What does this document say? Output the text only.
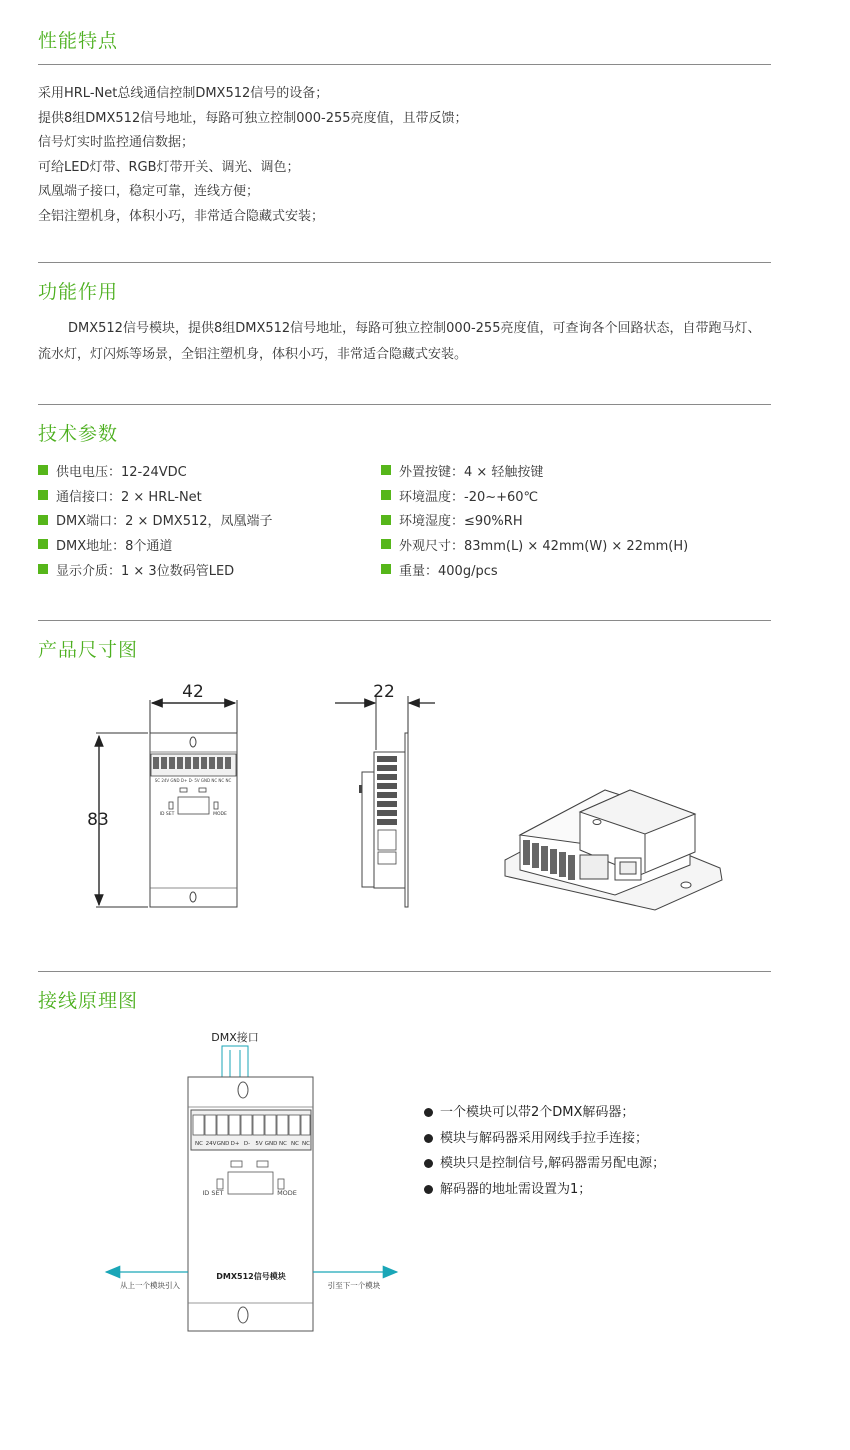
性能特点
采用HRL-Net总线通信控制DMX512信号的设备；
提供8组DMX512信号地址，每路可独立控制000-255亮度值，且带反馈；
信号灯实时监控通信数据；
可给LED灯带、RGB灯带开关、调光、调色；
凤凰端子接口，稳定可靠，连线方便；
全铝注塑机身，体积小巧，非常适合隐藏式安装；
功能作用

DMX512信号模块，提供8组DMX512信号地址，每路可独立控制000-255亮度值，可查询各个回路状态，自带跑马灯、流水灯，灯闪烁等场景，全铝注塑机身，体积小巧，非常适合隐藏式安装。

技术参数
供电电压：12-24VDC
通信接口：2 × HRL-Net
DMX端口：2 × DMX512，凤凰端子
DMX地址：8个通道
显示介质：1 × 3位数码管LED
外置按键：4 × 轻触按键
环境温度：-20~+60℃
环境湿度：≤90%RH
外观尺寸：83mm(L) × 42mm(W) × 22mm(H)
重量：400g/pcs
产品尺寸图
42
83
SC 24V GND D+ D- 5V GND NC NC NC
ID SET	MODE
22
接线原理图
DMX接口
NC 24V GND D+ D- 5V GND NC NC NC
ID SET	MODE
DMX512信号模块
从上一个模块引入	引至下一个模块
一个模块可以带2个DMX解码器；
模块与解码器采用网线手拉手连接；
模块只是控制信号,解码器需另配电源；
解码器的地址需设置为1；
